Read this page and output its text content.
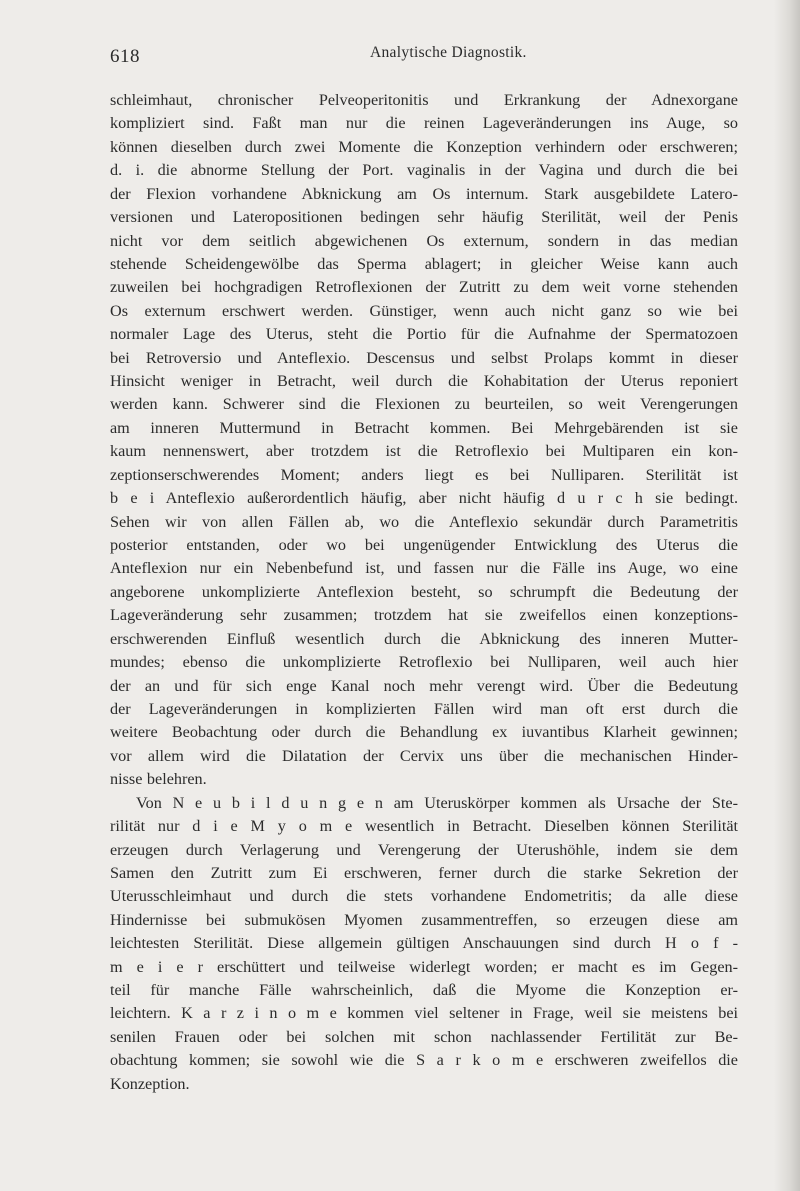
618	Analytische Diagnostik.
schleimhaut, chronischer Pelveoperitonitis und Erkrankung der Adnexorgane
kompliziert sind. Faßt man nur die reinen Lageveränderungen ins Auge, so
können dieselben durch zwei Momente die Konzeption verhindern oder erschweren;
d. i. die abnorme Stellung der Port. vaginalis in der Vagina und durch die bei
der Flexion vorhandene Abknickung am Os internum. Stark ausgebildete Latero-
versionen und Lateropositionen bedingen sehr häufig Sterilität, weil der Penis
nicht vor dem seitlich abgewichenen Os externum, sondern in das median
stehende Scheidengewölbe das Sperma ablagert; in gleicher Weise kann auch
zuweilen bei hochgradigen Retroflexionen der Zutritt zu dem weit vorne stehenden
Os externum erschwert werden. Günstiger, wenn auch nicht ganz so wie bei
normaler Lage des Uterus, steht die Portio für die Aufnahme der Spermatozoen
bei Retroversio und Anteflexio. Descensus und selbst Prolaps kommt in dieser
Hinsicht weniger in Betracht, weil durch die Kohabitation der Uterus reponiert
werden kann. Schwerer sind die Flexionen zu beurteilen, so weit Verengerungen
am inneren Muttermund in Betracht kommen. Bei Mehrgebärenden ist sie
kaum nennenswert, aber trotzdem ist die Retroflexio bei Multiparen ein kon-
zeptionserschwerendes Moment; anders liegt es bei Nulliparen. Sterilität ist
b e i Anteflexio außerordentlich häufig, aber nicht häufig d u r c h sie bedingt.
Sehen wir von allen Fällen ab, wo die Anteflexio sekundär durch Parametritis
posterior entstanden, oder wo bei ungenügender Entwicklung des Uterus die
Anteflexion nur ein Nebenbefund ist, und fassen nur die Fälle ins Auge, wo eine
angeborene unkomplizierte Anteflexion besteht, so schrumpft die Bedeutung der
Lageveränderung sehr zusammen; trotzdem hat sie zweifellos einen konzeptions-
erschwerenden Einfluß wesentlich durch die Abknickung des inneren Mutter-
mundes; ebenso die unkomplizierte Retroflexio bei Nulliparen, weil auch hier
der an und für sich enge Kanal noch mehr verengt wird. Über die Bedeutung
der Lageveränderungen in komplizierten Fällen wird man oft erst durch die
weitere Beobachtung oder durch die Behandlung ex iuvantibus Klarheit gewinnen;
vor allem wird die Dilatation der Cervix uns über die mechanischen Hinder-
nisse belehren.
Von N e u b i l d u n g e n am Uteruskörper kommen als Ursache der Ste-
rilität nur d i e M y o m e wesentlich in Betracht. Dieselben können Sterilität
erzeugen durch Verlagerung und Verengerung der Uterushöhle, indem sie dem
Samen den Zutritt zum Ei erschweren, ferner durch die starke Sekretion der
Uterusschleimhaut und durch die stets vorhandene Endometritis; da alle diese
Hindernisse bei submukösen Myomen zusammentreffen, so erzeugen diese am
leichtesten Sterilität. Diese allgemein gültigen Anschauungen sind durch H o f -
m e i e r erschüttert und teilweise widerlegt worden; er macht es im Gegen-
teil für manche Fälle wahrscheinlich, daß die Myome die Konzeption er-
leichtern. K a r z i n o m e kommen viel seltener in Frage, weil sie meistens bei
senilen Frauen oder bei solchen mit schon nachlassender Fertilität zur Be-
obachtung kommen; sie sowohl wie die S a r k o m e erschweren zweifellos die
Konzeption.
